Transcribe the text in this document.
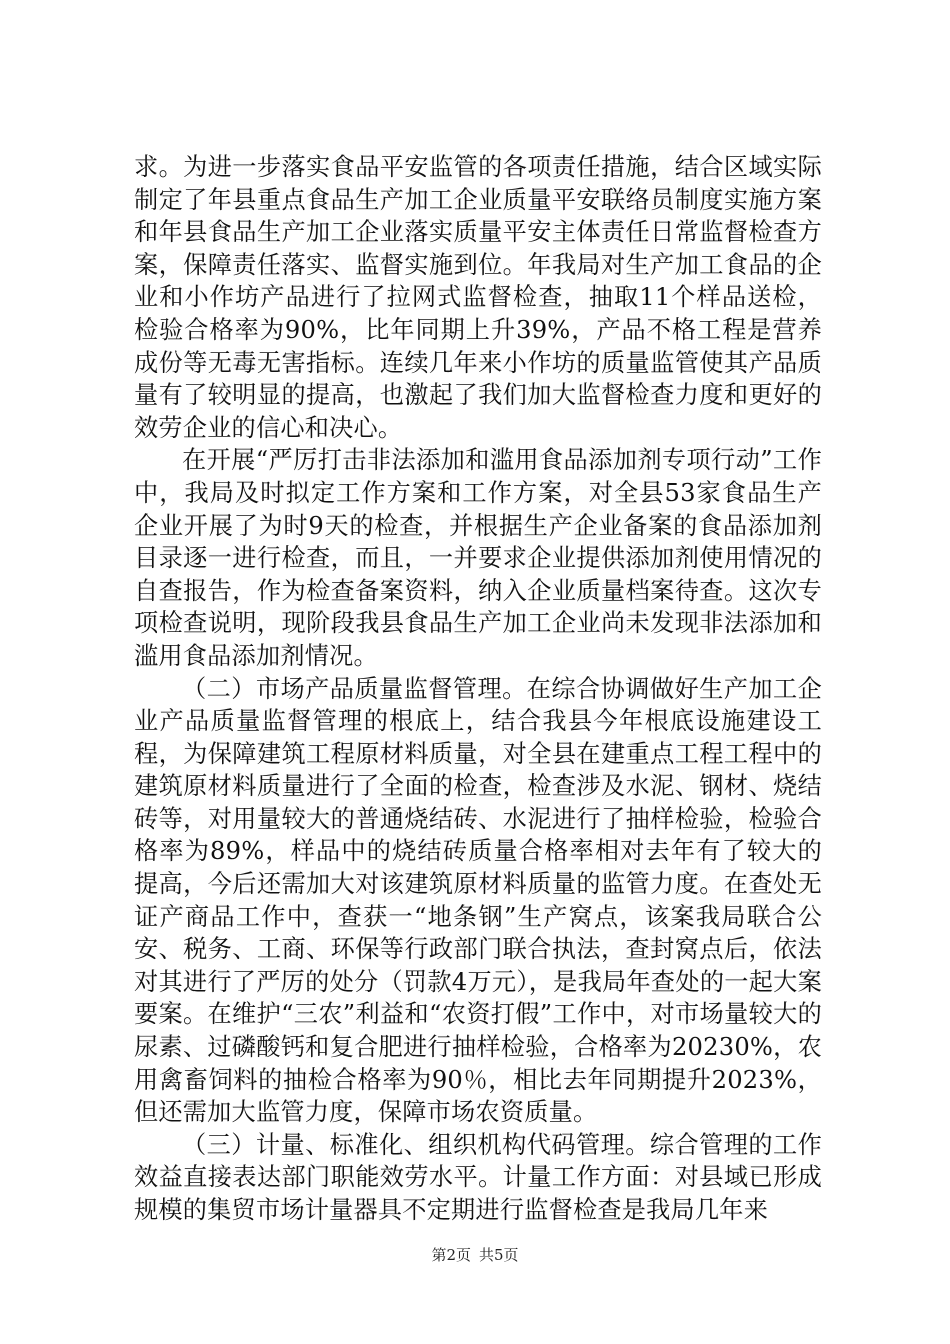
求。为进一步落实食品平安监管的各项责任措施，结合区域实际制定了年县重点食品生产加工企业质量平安联络员制度实施方案和年县食品生产加工企业落实质量平安主体责任日常监督检查方案，保障责任落实、监督实施到位。年我局对生产加工食品的企业和小作坊产品进行了拉网式监督检查，抽取11个样品送检，检验合格率为90%，比年同期上升39%，产品不格工程是营养成份等无毒无害指标。连续几年来小作坊的质量监管使其产品质量有了较明显的提高，也激起了我们加大监督检查力度和更好的效劳企业的信心和决心。

在开展“严厉打击非法添加和滥用食品添加剂专项行动”工作中，我局及时拟定工作方案和工作方案，对全县53家食品生产企业开展了为时9天的检查，并根据生产企业备案的食品添加剂目录逐一进行检查，而且，一并要求企业提供添加剂使用情况的自查报告，作为检查备案资料，纳入企业质量档案待查。这次专项检查说明，现阶段我县食品生产加工企业尚未发现非法添加和滥用食品添加剂情况。

（二）市场产品质量监督管理。在综合协调做好生产加工企业产品质量监督管理的根底上，结合我县今年根底设施建设工程，为保障建筑工程原材料质量，对全县在建重点工程工程中的建筑原材料质量进行了全面的检查，检查涉及水泥、钢材、烧结砖等，对用量较大的普通烧结砖、水泥进行了抽样检验，检验合格率为89%，样品中的烧结砖质量合格率相对去年有了较大的提高，今后还需加大对该建筑原材料质量的监管力度。在查处无证产商品工作中，查获一“地条钢”生产窝点，该案我局联合公安、税务、工商、环保等行政部门联合执法，查封窝点后，依法对其进行了严厉的处分（罚款4万元），是我局年查处的一起大案要案。在维护“三农”利益和“农资打假”工作中，对市场量较大的尿素、过磷酸钙和复合肥进行抽样检验，合格率为20230%，农用禽畜饲料的抽检合格率为90％，相比去年同期提升2023%，但还需加大监管力度，保障市场农资质量。

（三）计量、标准化、组织机构代码管理。综合管理的工作效益直接表达部门职能效劳水平。计量工作方面：对县域已形成规模的集贸市场计量器具不定期进行监督检查是我局几年来

第2页 共5页
